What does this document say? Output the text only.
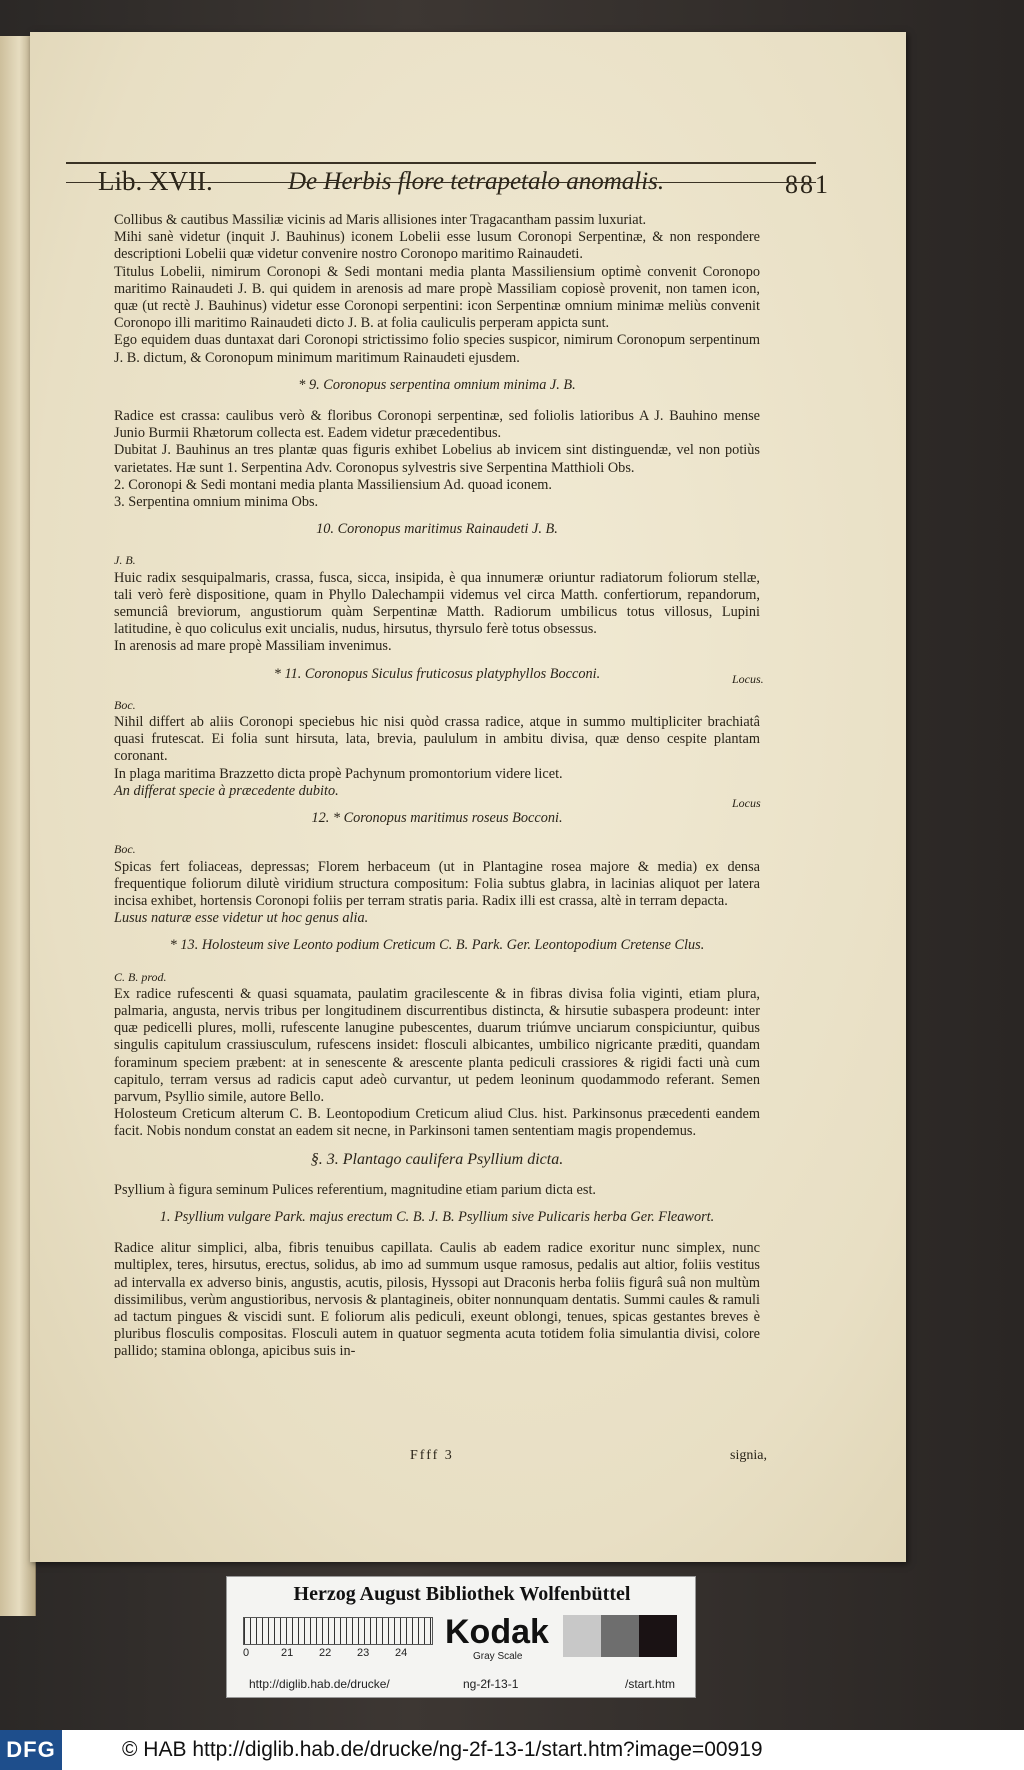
Lib. XVII.	De Herbis flore tetrapetalo anomalis.	881

Collibus & cautibus Massiliæ vicinis ad Maris allisiones inter Tragacantham passim luxuriat.

Mihi sanè videtur (inquit J. Bauhinus) iconem Lobelii esse lusum Coronopi Serpentinæ, & non respondere descriptioni Lobelii quæ videtur convenire nostro Coronopo maritimo Rainaudeti.

Titulus Lobelii, nimirum Coronopi & Sedi montani media planta Massiliensium optimè convenit Coronopo maritimo Rainaudeti J. B. qui quidem in arenosis ad mare propè Massiliam copiosè provenit, non tamen icon, quæ (ut rectè J. Bauhinus) videtur esse Coronopi serpentini: icon Serpentinæ omnium minimæ meliùs convenit Coronopo illi maritimo Rainaudeti dicto J. B. at folia cauliculis perperam appicta sunt.

Ego equidem duas duntaxat dari Coronopi strictissimo folio species suspicor, nimirum Coronopum serpentinum J. B. dictum, & Coronopum minimum maritimum Rainaudeti ejusdem.

* 9. Coronopus serpentina omnium minima J. B.

Radice est crassa: caulibus verò & floribus Coronopi serpentinæ, sed foliolis latioribus A J. Bauhino mense Junio Burmii Rhætorum collecta est. Eadem videtur præcedentibus.

Dubitat J. Bauhinus an tres plantæ quas figuris exhibet Lobelius ab invicem sint distinguendæ, vel non potiùs varietates. Hæ sunt 1. Serpentina Adv. Coronopus sylvestris sive Serpentina Matthioli Obs.

2. Coronopi & Sedi montani media planta Massiliensium Ad. quoad iconem.

3. Serpentina omnium minima Obs.

10. Coronopus maritimus Rainaudeti J. B.

J. B.

Huic radix sesquipalmaris, crassa, fusca, sicca, insipida, è qua innumeræ oriuntur radiatorum foliorum stellæ, tali verò ferè dispositione, quam in Phyllo Dalechampii videmus vel circa Matth. confertiorum, repandorum, semunciâ breviorum, angustiorum quàm Serpentinæ Matth. Radiorum umbilicus totus villosus, Lupini latitudine, è quo coliculus exit uncialis, nudus, hirsutus, thyrsulo ferè totus obsessus.

In arenosis ad mare propè Massiliam invenimus.

* 11. Coronopus Siculus fruticosus platyphyllos Bocconi.

Boc.

Nihil differt ab aliis Coronopi speciebus hic nisi quòd crassa radice, atque in summo multipliciter brachiatâ quasi frutescat. Ei folia sunt hirsuta, lata, brevia, paululum in ambitu divisa, quæ denso cespite plantam coronant.

In plaga maritima Brazzetto dicta propè Pachynum promontorium videre licet.

An differat specie à præcedente dubito.

12. * Coronopus maritimus roseus Bocconi.

Boc.

Spicas fert foliaceas, depressas; Florem herbaceum (ut in Plantagine rosea majore & media) ex densa frequentique foliorum dilutè viridium structura compositum: Folia subtus glabra, in lacinias aliquot per latera incisa exhibet, hortensis Coronopi foliis per terram stratis paria. Radix illi est crassa, altè in terram depacta.

Lusus naturæ esse videtur ut hoc genus alia.

* 13. Holosteum sive Leonto podium Creticum C. B. Park. Ger. Leontopodium Cretense Clus.

C. B. prod.

Ex radice rufescenti & quasi squamata, paulatim gracilescente & in fibras divisa folia viginti, etiam plura, palmaria, angusta, nervis tribus per longitudinem discurrentibus distincta, & hirsutie subaspera prodeunt: inter quæ pedicelli plures, molli, rufescente lanugine pubescentes, duarum triúmve unciarum conspiciuntur, quibus singulis capitulum crassiusculum, rufescens insidet: flosculi albicantes, umbilico nigricante præditi, quandam foraminum speciem præbent: at in senescente & arescente planta pediculi crassiores & rigidi facti unà cum capitulo, terram versus ad radicis caput adeò curvantur, ut pedem leoninum quodammodo referant. Semen parvum, Psyllio simile, autore Bello.

Holosteum Creticum alterum C. B. Leontopodium Creticum aliud Clus. hist. Parkinsonus præcedenti eandem facit. Nobis nondum constat an eadem sit necne, in Parkinsoni tamen sententiam magis propendemus.

§. 3. Plantago caulifera Psyllium dicta.

Psyllium à figura seminum Pulices referentium, magnitudine etiam parium dicta est.

1. Psyllium vulgare Park. majus erectum C. B. J. B. Psyllium sive Pulicaris herba Ger. Fleawort.

Radice alitur simplici, alba, fibris tenuibus capillata. Caulis ab eadem radice exoritur nunc simplex, nunc multiplex, teres, hirsutus, erectus, solidus, ab imo ad summum usque ramosus, pedalis aut altior, foliis vestitus ad intervalla ex adverso binis, angustis, acutis, pilosis, Hyssopi aut Draconis herba foliis figurâ suâ non multùm dissimilibus, verùm angustioribus, nervosis & plantagineis, obiter nonnunquam dentatis. Summi caules & ramuli ad tactum pingues & viscidi sunt. E foliorum alis pediculi, exeunt oblongi, tenues, spicas gestantes breves è pluribus flosculis compositas. Flosculi autem in quatuor segmenta acuta totidem folia simulantia divisi, colore pallido; stamina oblonga, apicibus suis in-

Locus.
Locus
Ffff 3	signia,
Herzog August Bibliothek Wolfenbüttel
0	21 22 23 24
Kodak
Gray Scale
http://diglib.hab.de/drucke/	ng-2f-13-1	/start.htm
DFG	© HAB http://diglib.hab.de/drucke/ng-2f-13-1/start.htm?image=00919
